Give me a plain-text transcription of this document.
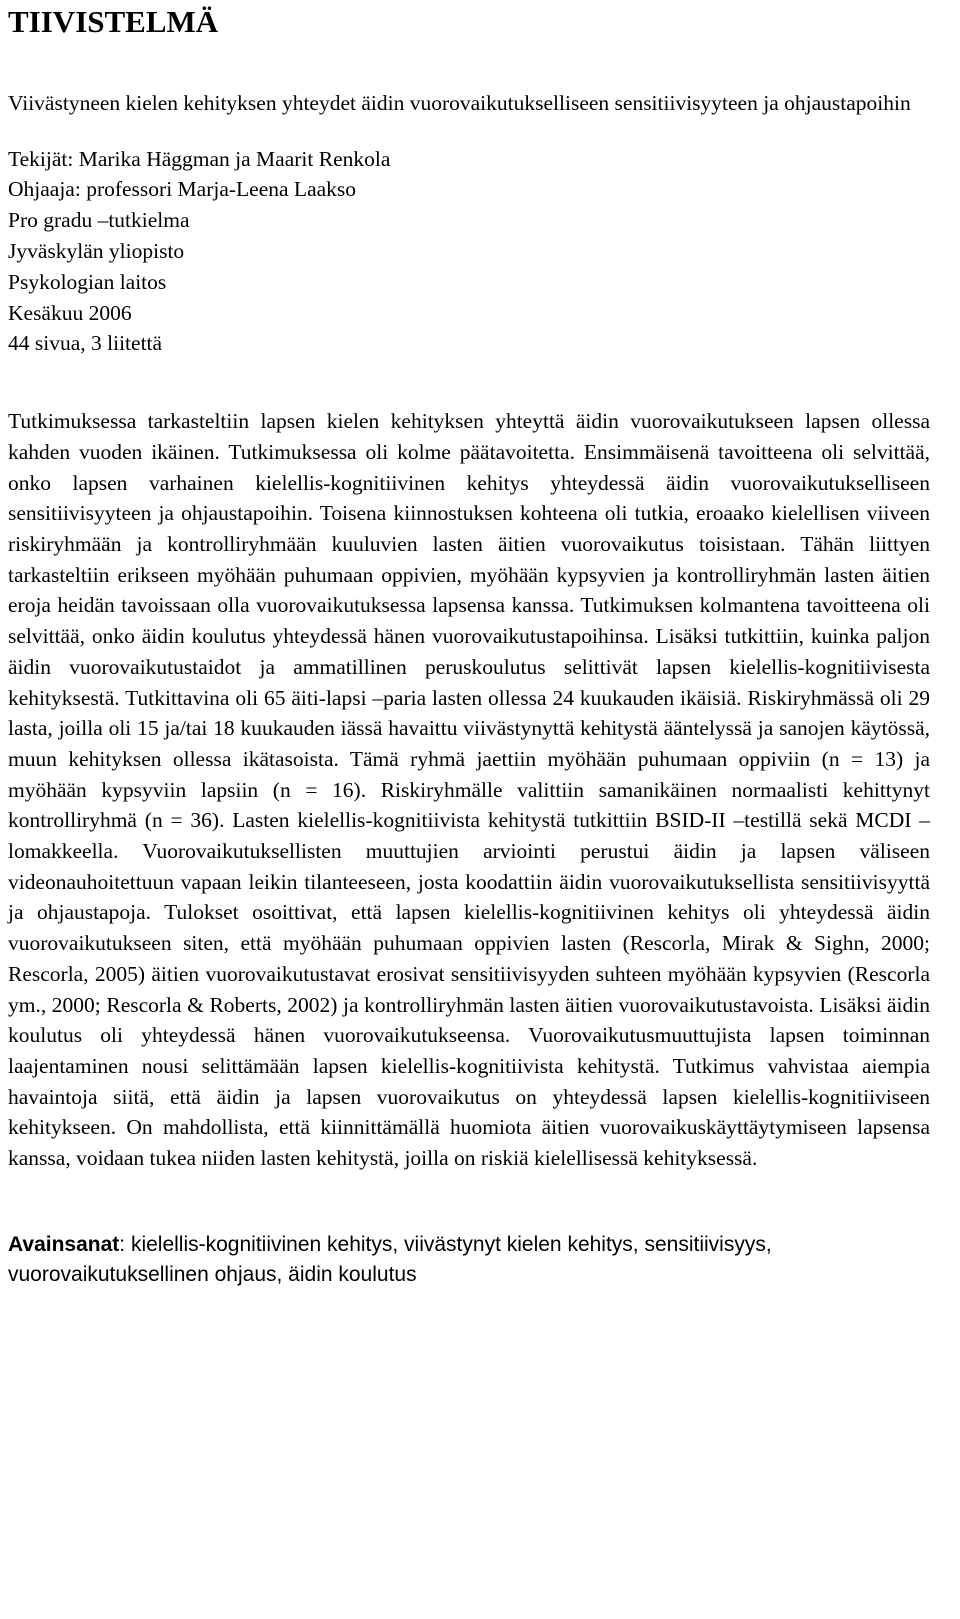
TIIVISTELMÄ

Viivästyneen kielen kehityksen yhteydet äidin vuorovaikutukselliseen sensitiivisyyteen ja ohjaustapoihin

Tekijät: Marika Häggman ja Maarit Renkola
Ohjaaja: professori Marja-Leena Laakso
Pro gradu –tutkielma
Jyväskylän yliopisto
Psykologian laitos
Kesäkuu 2006
44 sivua, 3 liitettä

Tutkimuksessa tarkasteltiin lapsen kielen kehityksen yhteyttä äidin vuorovaikutukseen lapsen ollessa kahden vuoden ikäinen. Tutkimuksessa oli kolme päätavoitetta. Ensimmäisenä tavoitteena oli selvittää, onko lapsen varhainen kielellis-kognitiivinen kehitys yhteydessä äidin vuorovaikutukselliseen sensitiivisyyteen ja ohjaustapoihin. Toisena kiinnostuksen kohteena oli tutkia, eroaako kielellisen viiveen riskiryhmään ja kontrolliryhmään kuuluvien lasten äitien vuorovaikutus toisistaan. Tähän liittyen tarkasteltiin erikseen myöhään puhumaan oppivien, myöhään kypsyvien ja kontrolliryhmän lasten äitien eroja heidän tavoissaan olla vuorovaikutuksessa lapsensa kanssa. Tutkimuksen kolmantena tavoitteena oli selvittää, onko äidin koulutus yhteydessä hänen vuorovaikutustapoihinsa. Lisäksi tutkittiin, kuinka paljon äidin vuorovaikutustaidot ja ammatillinen peruskoulutus selittivät lapsen kielellis-kognitiivisesta kehityksestä. Tutkittavina oli 65 äiti-lapsi –paria lasten ollessa 24 kuukauden ikäisiä. Riskiryhmässä oli 29 lasta, joilla oli 15 ja/tai 18 kuukauden iässä havaittu viivästynyttä kehitystä ääntelyssä ja sanojen käytössä, muun kehityksen ollessa ikätasoista. Tämä ryhmä jaettiin myöhään puhumaan oppiviin (n = 13) ja myöhään kypsyviin lapsiin (n = 16). Riskiryhmälle valittiin samanikäinen normaalisti kehittynyt kontrolliryhmä (n = 36). Lasten kielellis-kognitiivista kehitystä tutkittiin BSID-II –testillä sekä MCDI –lomakkeella. Vuorovaikutuksellisten muuttujien arviointi perustui äidin ja lapsen väliseen videonauhoitettuun vapaan leikin tilanteeseen, josta koodattiin äidin vuorovaikutuksellista sensitiivisyyttä ja ohjaustapoja. Tulokset osoittivat, että lapsen kielellis-kognitiivinen kehitys oli yhteydessä äidin vuorovaikutukseen siten, että myöhään puhumaan oppivien lasten (Rescorla, Mirak & Sighn, 2000; Rescorla, 2005) äitien vuorovaikutustavat erosivat sensitiivisyyden suhteen myöhään kypsyvien (Rescorla ym., 2000; Rescorla & Roberts, 2002) ja kontrolliryhmän lasten äitien vuorovaikutustavoista. Lisäksi äidin koulutus oli yhteydessä hänen vuorovaikutukseensa. Vuorovaikutusmuuttujista lapsen toiminnan laajentaminen nousi selittämään lapsen kielellis-kognitiivista kehitystä. Tutkimus vahvistaa aiempia havaintoja siitä, että äidin ja lapsen vuorovaikutus on yhteydessä lapsen kielellis-kognitiiviseen kehitykseen. On mahdollista, että kiinnittämällä huomiota äitien vuorovaikuskäyttäytymiseen lapsensa kanssa, voidaan tukea niiden lasten kehitystä, joilla on riskiä kielellisessä kehityksessä.

Avainsanat: kielellis-kognitiivinen kehitys, viivästynyt kielen kehitys, sensitiivisyys, vuorovaikutuksellinen ohjaus, äidin koulutus
